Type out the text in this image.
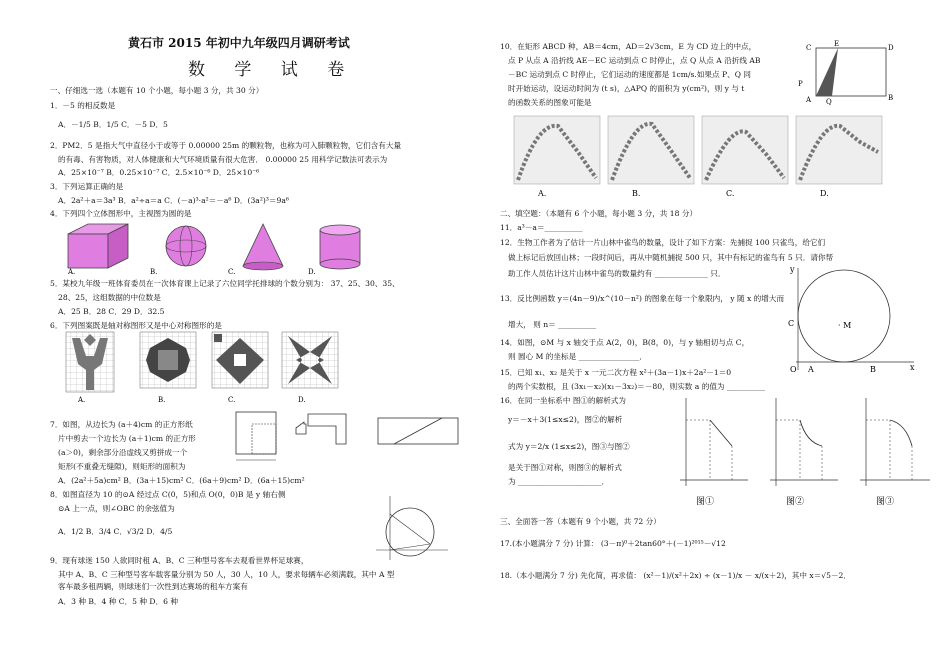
黄石市 2015 年初中九年级四月调研考试
数 学 试 卷
一、仔细选一选（本题有 10 个小题，每小题 3 分，共 30 分）
1．－5 的相反数是
A．－1/5 B．1/5 C．－5 D．5
2．PM2．5 是指大气中直径小于或等于 0.00000 25m 的颗粒物，也称为可入肺颗粒物，它们含有大量
的有毒、有害物质，对人体健康和大气环境质量有很大危害． 0.00000 25 用科学记数法可表示为
A．25×10⁻⁷ B．0.25×10⁻⁷ C．2.5×10⁻⁶ D．25×10⁻⁶
3．下列运算正确的是
A．2a²＋a＝3a³ B．a²÷a＝a C．(－a)³·a²＝－a⁶ D．(3a²)³＝9a⁶
4．下列四个立体图形中，主视图为圆的是
A.	B.	C.	D.
5．某校九年级一班体育委员在一次体育课上记录了六位同学托排球的个数分别为： 37、25、30、35、
28、25，这组数据的中位数是
A．25 B．28 C．29 D．32.5
6．下列图案既是轴对称图形又是中心对称图形的是
A.	B.	C.	D.
7．如图，从边长为 (a＋4)cm 的正方形纸
片中剪去一个边长为 (a＋1)cm 的正方形
(a＞0)，剩余部分沿虚线又剪拼成一个
矩形(不重叠无缝隙)，则矩形的面积为
A．(2a²＋5a)cm² B．(3a＋15)cm² C．(6a＋9)cm² D．(6a＋15)cm²
8．如图直径为 10 的⊙A 经过点 C(0，5)和点 O(0，0)B 是 y 轴右侧
⊙A 上一点，则∠OBC 的余弦值为
A．1/2 B．3/4 C．√3/2 D．4/5
9．现有球迷 150 人欲同时租 A、B、C 三种型号客车去观看世界杯足球赛，
其中 A、B、C 三种型号客车载客量分别为 50 人，30 人，10 人，要求每辆车必须满载，其中 A 型
客车最多租两辆，则球迷们一次性到达赛场的租车方案有
A．3 种 B．4 种 C．5 种 D．6 种
10．在矩形 ABCD 种，AB＝4cm，AD＝2√3cm，E 为 CD 边上的中点，
点 P 从点 A 沿折线 AE－EC 运动到点 C 时停止，点 Q 从点 A 沿折线 AB
－BC 运动到点 C 时停止，它们运动的速度都是 1cm/s.如果点 P、Q 同
时开始运动，设运动时间为 (t s)，△APQ 的面积为 y(cm²)，则 y 与 t
的函数关系的图象可能是
E	D
P
A Q	B
C
A.	B.	C.	D.
二、填空题：（本题有 6 个小题，每小题 3 分，共 18 分）
11．a³－a＝__________
12．生物工作者为了估计一片山林中雀鸟的数量，设计了如下方案：先捕捉 100 只雀鸟，给它们
做上标记后放回山林；一段时间后，再从中随机捕捉 500 只，其中有标记的雀鸟有 5 只．请你帮
助工作人员估计这片山林中雀鸟的数量约有 ______________ 只．
13．反比例函数 y＝(4n－9)/x^(10－n²) 的图象在每一个象限内， y 随 x 的增大而
增大， 则 n＝ __________
14．如图，⊙M 与 x 轴交于点 A(2，0)，B(8，0)，与 y 轴相切与点 C，
则 圆心 M 的坐标是 ________________．
y
x
C	· M
O A	B
15．已知 x₁、x₂ 是关于 x 一元二次方程 x²＋(3a－1)x＋2a²－1＝0
的两个实数根，且 (3x₁－x₂)(x₁－3x₂)＝－80，则实数 a 的值为 __________
16．在同一坐标系中 图①的解析式为
y＝－x＋3(1≤x≤2)，图②的解析
式为 y＝2/x (1≤x≤2)，图③与图②
是关于图①对称，则图③的解析式
为 ______________________．
图①	图②	图③
三、全面答一答（本题有 9 个小题，共 72 分）
17.(本小题满分 7 分) 计算： (3－π)⁰＋2tan60°＋(－1)²⁰¹⁵－√12
18.（本小题满分 7 分) 先化简，再求值： (x²－1)/(x²＋2x) ÷ (x－1)/x － x/(x＋2)，其中 x＝√5－2．
